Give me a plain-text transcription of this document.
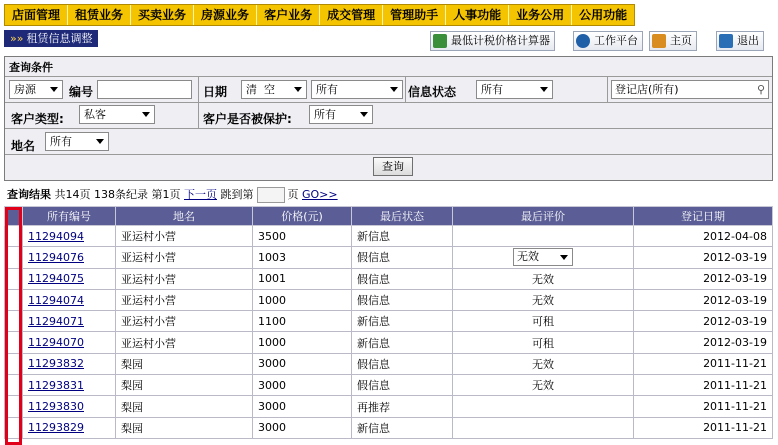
店面管理	租赁业务	买卖业务	房源业务	客户业务	成交管理	管理助手	人事功能	业务公用	公用功能
»» 租赁信息调整	最低计税价格计算器	工作平台	主页	退出
查询条件
房源	编号	日期	清  空	所有	信息状态	所有	登记店(所有)	⚲
客户类型:	私客	客户是否被保护:	所有
地名	所有
查询
查询结果 共14页 138条纪录 第1页 下一页 跳到第	页 GO>>
	所有编号	地名	价格(元)	最后状态	最后评价	登记日期
	11294094	亚运村小营	3500	新信息		2012-04-08
	11294076	亚运村小营	1003	假信息	无效	2012-03-19
	11294075	亚运村小营	1001	假信息	无效	2012-03-19
	11294074	亚运村小营	1000	假信息	无效	2012-03-19
	11294071	亚运村小营	1100	新信息	可租	2012-03-19
	11294070	亚运村小营	1000	新信息	可租	2012-03-19
	11293832	梨园	3000	假信息	无效	2011-11-21
	11293831	梨园	3000	假信息	无效	2011-11-21
	11293830	梨园	3000	再推荐		2011-11-21
	11293829	梨园	3000	新信息		2011-11-21
